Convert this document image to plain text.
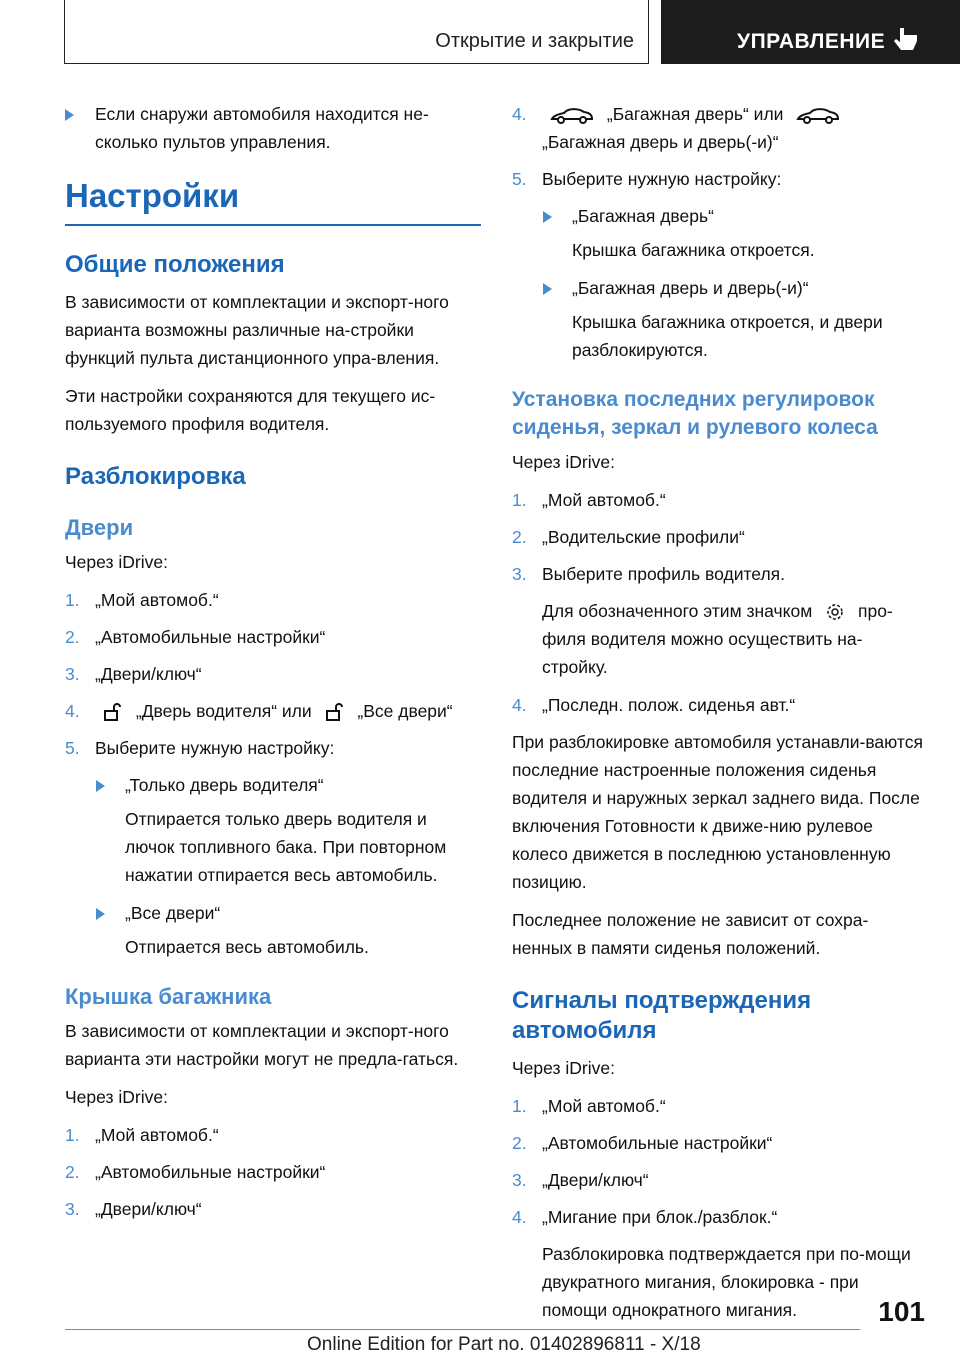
Открытие и закрытие	УПРАВЛЕНИЕ
Если снаружи автомобиля находится не-сколько пультов управления.
Настройки
Общие положения

В зависимости от комплектации и экспорт-ного варианта возможны различные на-стройки функций пульта дистанционного упра-вления.

Эти настройки сохраняются для текущего ис-пользуемого профиля водителя.

Разблокировка
Двери

Через iDrive:

1. „Мой автомоб.“
2. „Автомобильные настройки“
3. „Двери/ключ“
4.	„Дверь водителя“ или	„Все двери“
5. Выберите нужную настройку:
„Только дверь водителя“

Отпирается только дверь водителя и лючок топливного бака. При повторном нажатии отпирается весь автомобиль.

„Все двери“

Отпирается весь автомобиль.

Крышка багажника

В зависимости от комплектации и экспорт-ного варианта эти настройки могут не предла-гаться.

Через iDrive:

1. „Мой автомоб.“
2. „Автомобильные настройки“
3. „Двери/ключ“
4.	„Багажная дверь“ или
„Багажная дверь и дверь(-и)“
5. Выберите нужную настройку:
„Багажная дверь“

Крышка багажника откроется.

„Багажная дверь и дверь(-и)“

Крышка багажника откроется, и двери разблокируются.

Установка последних регулировок сиденья, зеркал и рулевого колеса

Через iDrive:

1. „Мой автомоб.“
2. „Водительские профили“
3. Выберите профиль водителя.

Для обозначенного этим значком	про-филя водителя можно осуществить на-стройку.

4. „Последн. полож. сиденья авт.“

При разблокировке автомобиля устанавли-ваются последние настроенные положения сиденья водителя и наружных зеркал заднего вида. После включения Готовности к движе-нию рулевое колесо движется в последнюю установленную позицию.

Последнее положение не зависит от сохра-ненных в памяти сиденья положений.

Сигналы подтверждения автомобиля

Через iDrive:

1. „Мой автомоб.“
2. „Автомобильные настройки“
3. „Двери/ключ“
4. „Мигание при блок./разблок.“

Разблокировка подтверждается при по-мощи двукратного мигания, блокировка - при помощи однократного мигания.	101
Online Edition for Part no. 01402896811 - X/18
